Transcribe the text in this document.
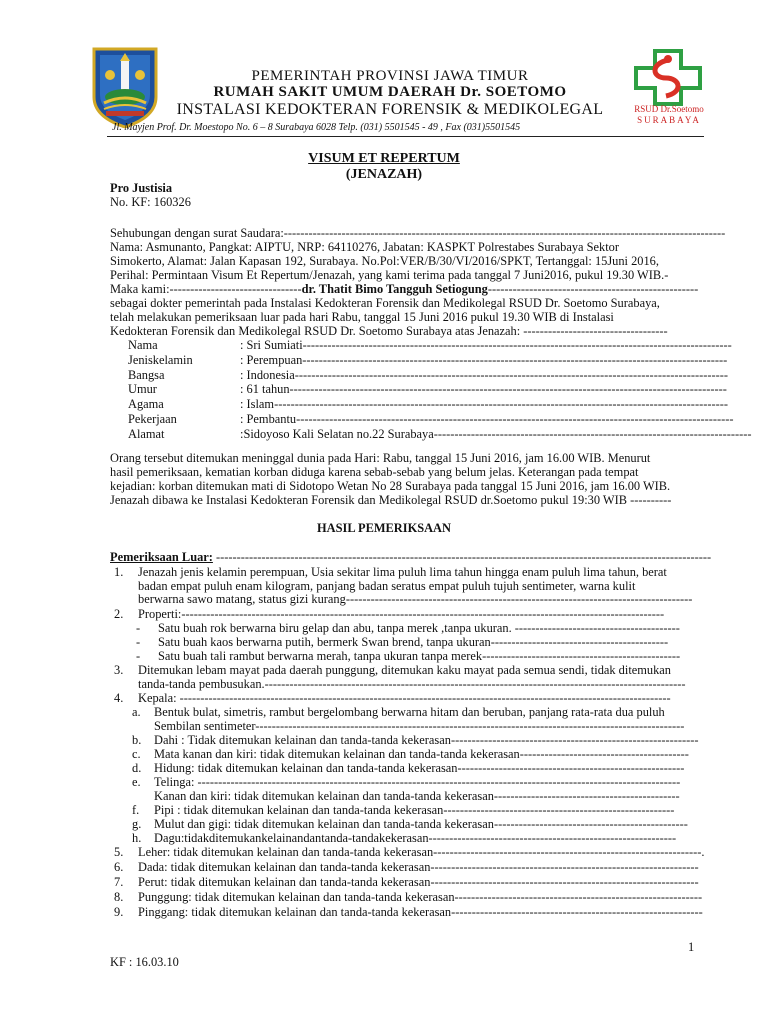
RSUD Dr.Soetomo
SURABAYA
PEMERINTAH PROVINSI JAWA TIMUR
RUMAH SAKIT UMUM DAERAH Dr. SOETOMO
INSTALASI KEDOKTERAN FORENSIK & MEDIKOLEGAL
Jl. Mayjen Prof. Dr. Moestopo No. 6 – 8 Surabaya 6028 Telp. (031) 5501545 - 49 , Fax (031)5501545
VISUM ET REPERTUM
(JENAZAH)
Pro Justisia
No. KF: 160326
Sehubungan dengan surat Saudara:-----------------------------------------------------------------------------------------------------------
Nama: Asmunanto, Pangkat: AIPTU, NRP: 64110276, Jabatan: KASPKT Polrestabes Surabaya Sektor
Simokerto, Alamat: Jalan Kapasan 192, Surabaya. No.Pol:VER/B/30/VI/2016/SPKT, Tertanggal: 15Juni 2016,
Perihal: Permintaan Visum Et Repertum/Jenazah, yang kami terima pada tanggal 7 Juni2016, pukul 19.30 WIB.-
Maka kami:--------------------------------dr. Thatit Bimo Tangguh Setiogung---------------------------------------------------
sebagai dokter pemerintah pada Instalasi Kedokteran Forensik dan Medikolegal RSUD Dr. Soetomo Surabaya,
telah melakukan pemeriksaan luar pada hari Rabu, tanggal 15 Juni 2016 pukul 19.30 WIB di Instalasi
Kedokteran Forensik dan Medikolegal RSUD Dr. Soetomo Surabaya atas Jenazah: -----------------------------------
Nama	: Sri Sumiati--------------------------------------------------------------------------------------------------------
Jeniskelamin	: Perempuan-------------------------------------------------------------------------------------------------------
Bangsa	: Indonesia---------------------------------------------------------------------------------------------------------
Umur	: 61 tahun----------------------------------------------------------------------------------------------------------
Agama	: Islam--------------------------------------------------------------------------------------------------------------
Pekerjaan	: Pembantu----------------------------------------------------------------------------------------------------------
Alamat	:Sidoyoso Kali Selatan no.22 Surabaya-----------------------------------------------------------------------------
Orang tersebut ditemukan meninggal dunia pada Hari: Rabu, tanggal 15 Juni 2016, jam 16.00 WIB. Menurut
hasil pemeriksaan, kematian korban diduga karena sebab-sebab yang belum jelas. Keterangan pada tempat
kejadian: korban ditemukan mati di Sidotopo Wetan No 28 Surabaya pada tanggal 15 Juni 2016, jam 16.00 WIB.
Jenazah dibawa ke Instalasi Kedokteran Forensik dan Medikolegal RSUD dr.Soetomo pukul 19:30 WIB ----------
HASIL PEMERIKSAAN
Pemeriksaan Luar: ------------------------------------------------------------------------------------------------------------------------
1.	Jenazah jenis kelamin perempuan, Usia sekitar lima puluh lima tahun hingga enam puluh lima tahun, berat
badan empat puluh enam kilogram, panjang badan seratus empat puluh tujuh sentimeter, warna kulit
berwarna sawo matang, status gizi kurang------------------------------------------------------------------------------------
2.	Properti:---------------------------------------------------------------------------------------------------------------------
3.	Ditemukan lebam mayat pada daerah punggung, ditemukan kaku mayat pada semua sendi, tidak ditemukan
tanda-tanda pembusukan.------------------------------------------------------------------------------------------------------
4.	Kepala: -----------------------------------------------------------------------------------------------------------------------
5.	Leher: tidak ditemukan kelainan dan tanda-tanda kekerasan-----------------------------------------------------------------.
6.	Dada: tidak ditemukan kelainan dan tanda-tanda kekerasan-----------------------------------------------------------------
7.	Perut: tidak ditemukan kelainan dan tanda-tanda kekerasan-----------------------------------------------------------------
8.	Punggung: tidak ditemukan kelainan dan tanda-tanda kekerasan------------------------------------------------------------
9.	Pinggang: tidak ditemukan kelainan dan tanda-tanda kekerasan-------------------------------------------------------------
-	Satu buah rok berwarna biru gelap dan abu, tanpa merek ,tanpa ukuran. ----------------------------------------
-	Satu buah kaos berwarna putih, bermerk Swan brend, tanpa ukuran-------------------------------------------
-	Satu buah tali rambut berwarna merah, tanpa ukuran tanpa merek------------------------------------------------
a.	Bentuk bulat, simetris, rambut bergelombang berwarna hitam dan beruban, panjang rata-rata dua puluh
Sembilan sentimeter--------------------------------------------------------------------------------------------------------
b.	Dahi : Tidak ditemukan kelainan dan tanda-tanda kekerasan------------------------------------------------------------
c.	Mata kanan dan kiri: tidak ditemukan kelainan dan tanda-tanda kekerasan-----------------------------------------
d.	Hidung: tidak ditemukan kelainan dan tanda-tanda kekerasan-------------------------------------------------------
e.	Telinga: ---------------------------------------------------------------------------------------------------------------------
Kanan dan kiri: tidak ditemukan kelainan dan tanda-tanda kekerasan---------------------------------------------
f.	Pipi : tidak ditemukan kelainan dan tanda-tanda kekerasan--------------------------------------------------------
g.	Mulut dan gigi: tidak ditemukan kelainan dan tanda-tanda kekerasan-----------------------------------------------
h.	Dagu:tidakditemukankelainandantanda-tandakekerasan------------------------------------------------------------
1
KF : 16.03.10
